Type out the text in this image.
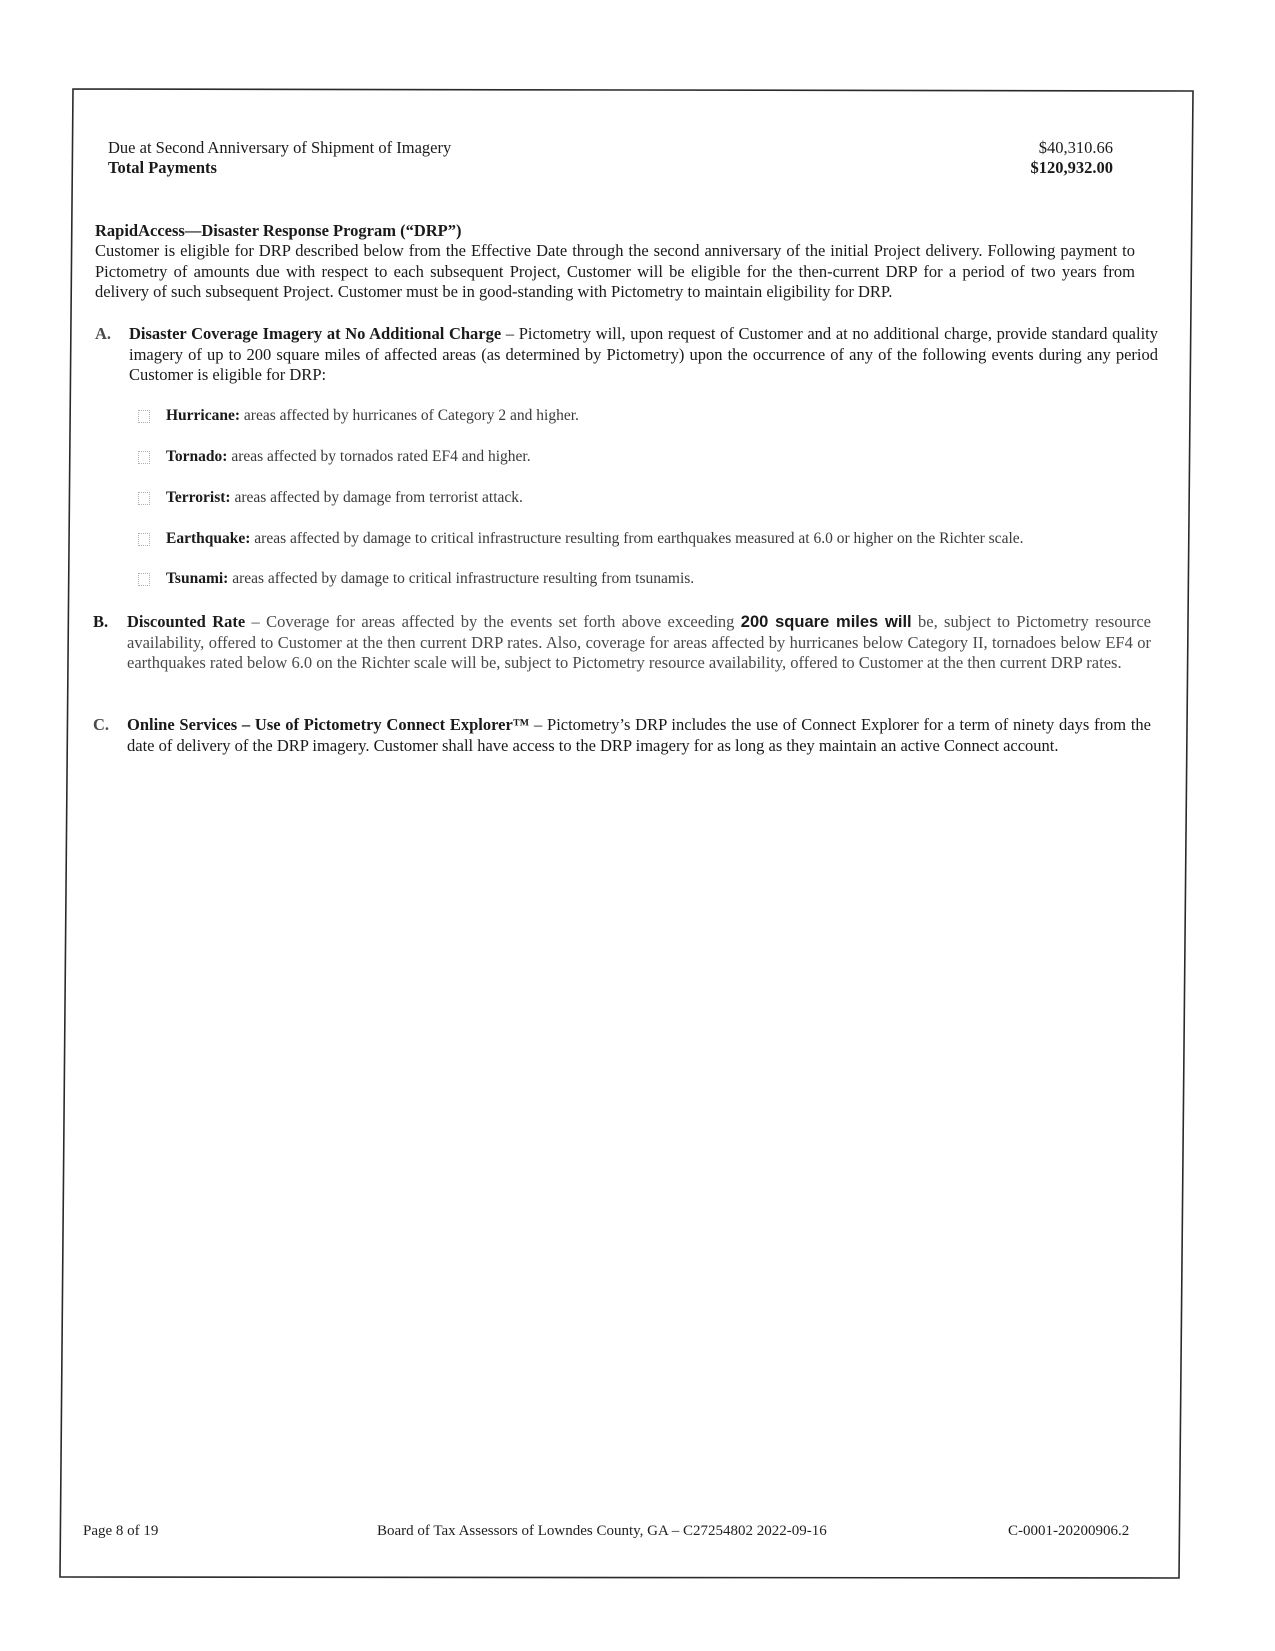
Due at Second Anniversary of Shipment of Imagery	$40,310.66
Total Payments	$120,932.00
RapidAccess—Disaster Response Program (“DRP”)
Customer is eligible for DRP described below from the Effective Date through the second anniversary of the initial Project delivery. Following payment to Pictometry of amounts due with respect to each subsequent Project, Customer will be eligible for the then-current DRP for a period of two years from delivery of such subsequent Project. Customer must be in good-standing with Pictometry to maintain eligibility for DRP.
A. Disaster Coverage Imagery at No Additional Charge – Pictometry will, upon request of Customer and at no additional charge, provide standard quality imagery of up to 200 square miles of affected areas (as determined by Pictometry) upon the occurrence of any of the following events during any period Customer is eligible for DRP:
Hurricane: areas affected by hurricanes of Category 2 and higher.
Tornado: areas affected by tornados rated EF4 and higher.
Terrorist: areas affected by damage from terrorist attack.
Earthquake: areas affected by damage to critical infrastructure resulting from earthquakes measured at 6.0 or higher on the Richter scale.
Tsunami: areas affected by damage to critical infrastructure resulting from tsunamis.
B. Discounted Rate – Coverage for areas affected by the events set forth above exceeding 200 square miles will be, subject to Pictometry resource availability, offered to Customer at the then current DRP rates. Also, coverage for areas affected by hurricanes below Category II, tornadoes below EF4 or earthquakes rated below 6.0 on the Richter scale will be, subject to Pictometry resource availability, offered to Customer at the then current DRP rates.
C. Online Services – Use of Pictometry Connect Explorer™ – Pictometry’s DRP includes the use of Connect Explorer for a term of ninety days from the date of delivery of the DRP imagery. Customer shall have access to the DRP imagery for as long as they maintain an active Connect account.
Page 8 of 19	Board of Tax Assessors of Lowndes County, GA – C27254802 2022-09-16	C-0001-20200906.2
